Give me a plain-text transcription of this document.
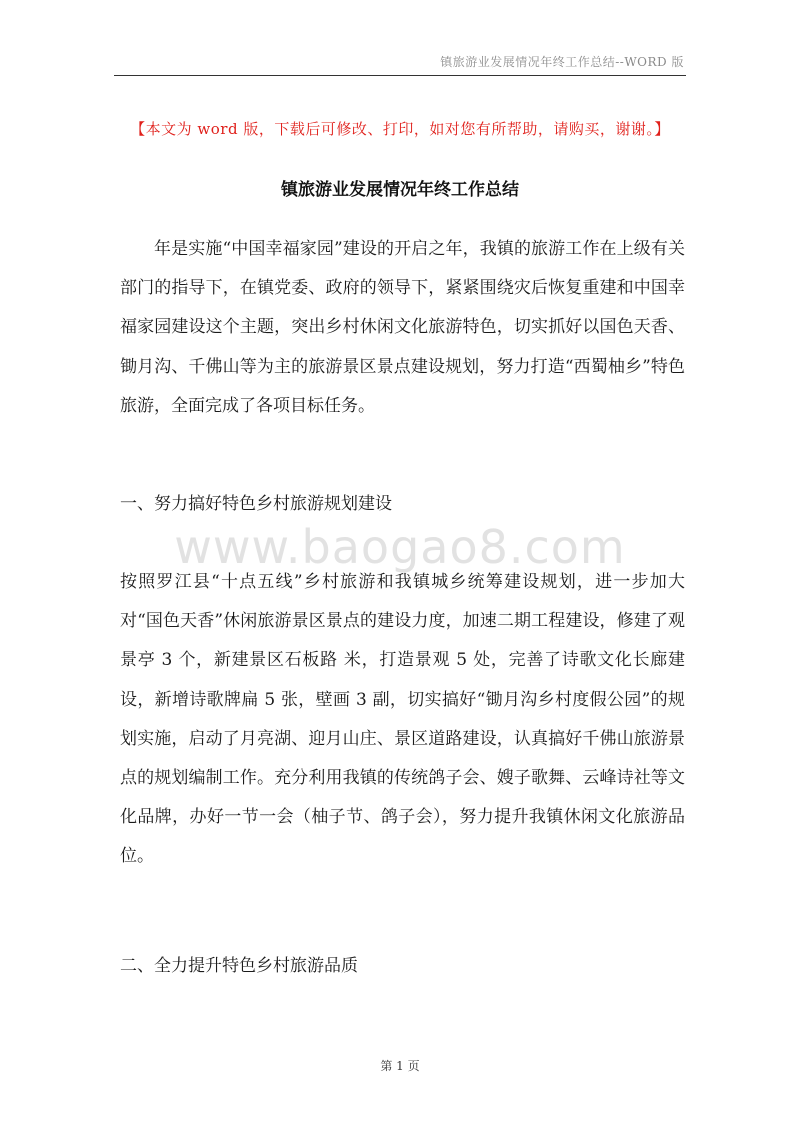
镇旅游业发展情况年终工作总结--WORD 版
【本文为 word 版，下载后可修改、打印，如对您有所帮助，请购买，谢谢。】
镇旅游业发展情况年终工作总结

年是实施“中国幸福家园”建设的开启之年，我镇的旅游工作在上级有关部门的指导下，在镇党委、政府的领导下，紧紧围绕灾后恢复重建和中国幸福家园建设这个主题，突出乡村休闲文化旅游特色，切实抓好以国色天香、锄月沟、千佛山等为主的旅游景区景点建设规划，努力打造“西蜀柚乡”特色旅游，全面完成了各项目标任务。

一、努力搞好特色乡村旅游规划建设
www.baogao8.com

按照罗江县“十点五线”乡村旅游和我镇城乡统筹建设规划，进一步加大对“国色天香”休闲旅游景区景点的建设力度，加速二期工程建设，修建了观景亭 3 个，新建景区石板路 米，打造景观 5 处，完善了诗歌文化长廊建设，新增诗歌牌扁 5 张，壁画 3 副，切实搞好“锄月沟乡村度假公园”的规划实施，启动了月亮湖、迎月山庄、景区道路建设，认真搞好千佛山旅游景点的规划编制工作。充分利用我镇的传统鸽子会、嫂子歌舞、云峰诗社等文化品牌，办好一节一会（柚子节、鸽子会），努力提升我镇休闲文化旅游品位。

二、全力提升特色乡村旅游品质
第 1 页
